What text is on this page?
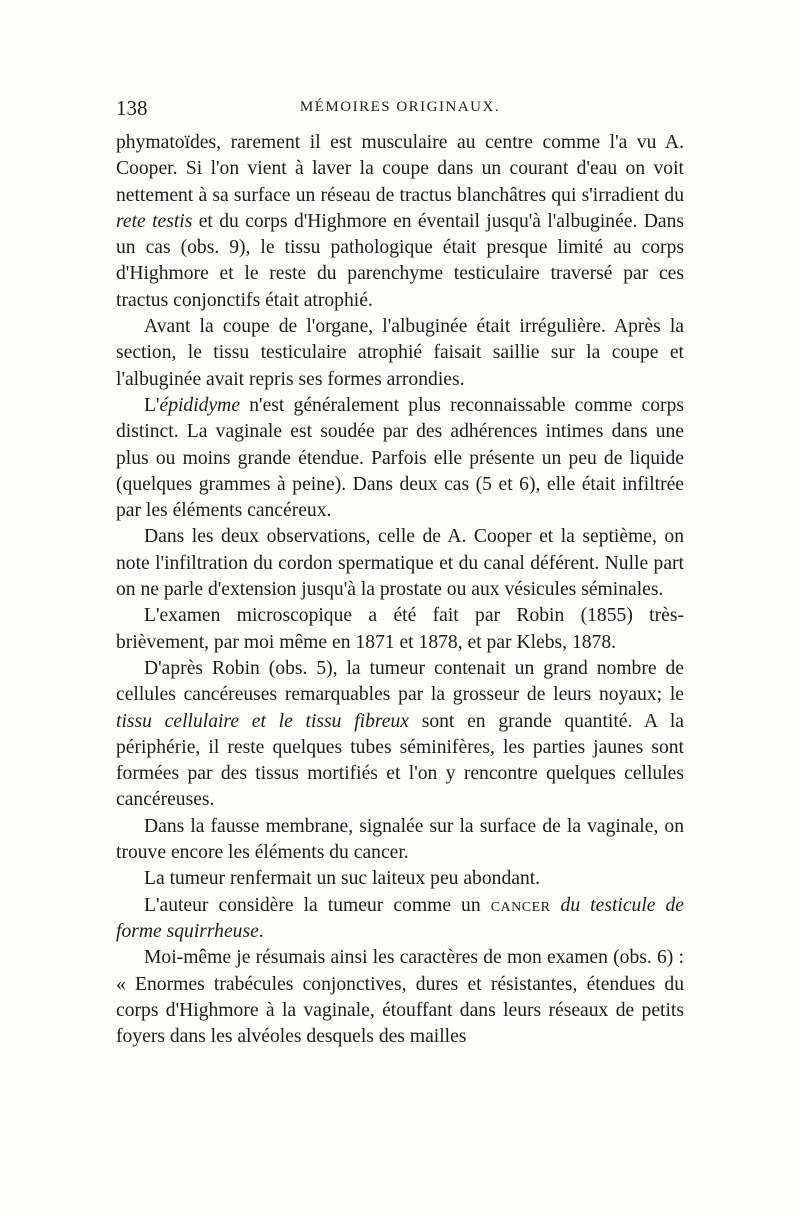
138	MÉMOIRES ORIGINAUX.

phymatoïdes, rarement il est musculaire au centre comme l'a vu A. Cooper. Si l'on vient à laver la coupe dans un courant d'eau on voit nettement à sa surface un réseau de tractus blanchâtres qui s'irradient du rete testis et du corps d'Highmore en éventail jusqu'à l'albuginée. Dans un cas (obs. 9), le tissu pathologique était presque limité au corps d'Highmore et le reste du parenchyme testiculaire traversé par ces tractus conjonctifs était atrophié.

Avant la coupe de l'organe, l'albuginée était irrégulière. Après la section, le tissu testiculaire atrophié faisait saillie sur la coupe et l'albuginée avait repris ses formes arrondies.

L'épididyme n'est généralement plus reconnaissable comme corps distinct. La vaginale est soudée par des adhérences intimes dans une plus ou moins grande étendue. Parfois elle présente un peu de liquide (quelques grammes à peine). Dans deux cas (5 et 6), elle était infiltrée par les éléments cancéreux.

Dans les deux observations, celle de A. Cooper et la septième, on note l'infiltration du cordon spermatique et du canal déférent. Nulle part on ne parle d'extension jusqu'à la prostate ou aux vésicules séminales.

L'examen microscopique a été fait par Robin (1855) très-brièvement, par moi même en 1871 et 1878, et par Klebs, 1878.

D'après Robin (obs. 5), la tumeur contenait un grand nombre de cellules cancéreuses remarquables par la grosseur de leurs noyaux; le tissu cellulaire et le tissu fibreux sont en grande quantité. A la périphérie, il reste quelques tubes séminifères, les parties jaunes sont formées par des tissus mortifiés et l'on y rencontre quelques cellules cancéreuses.

Dans la fausse membrane, signalée sur la surface de la vaginale, on trouve encore les éléments du cancer.

La tumeur renfermait un suc laiteux peu abondant.

L'auteur considère la tumeur comme un cancer du testicule de forme squirrheuse.

Moi-même je résumais ainsi les caractères de mon examen (obs. 6) : « Enormes trabécules conjonctives, dures et résistantes, étendues du corps d'Highmore à la vaginale, étouffant dans leurs réseaux de petits foyers dans les alvéoles desquels des mailles
